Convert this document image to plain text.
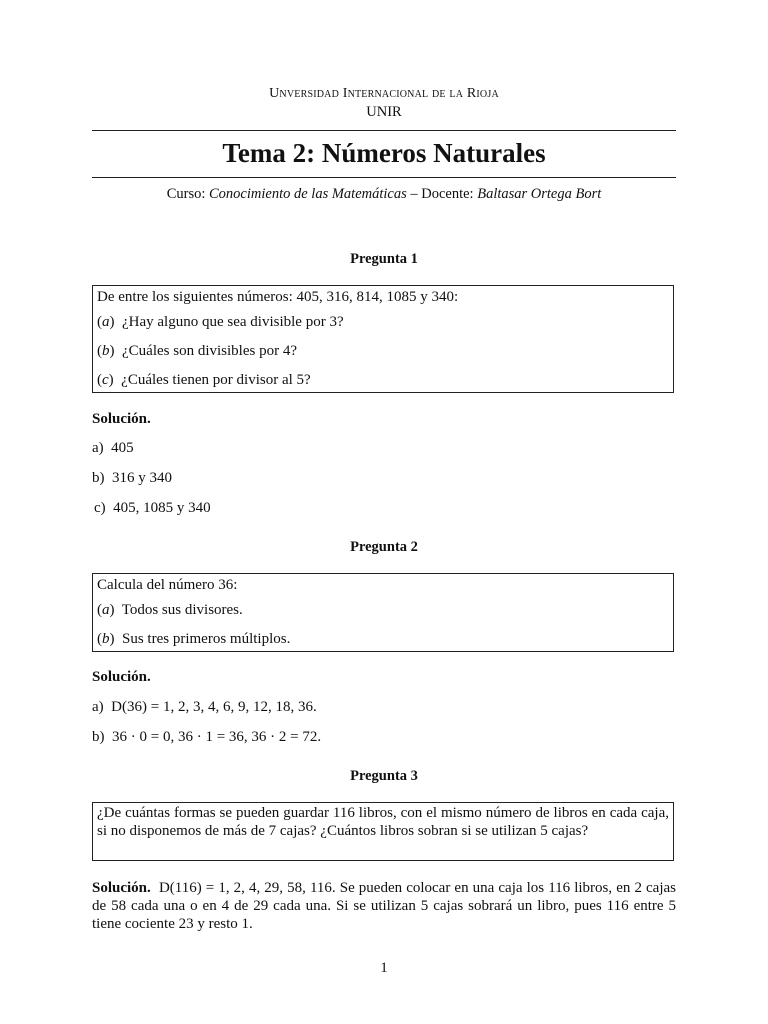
Unversidad Internacional de la Rioja
UNIR
Tema 2: Números Naturales
Curso: Conocimiento de las Matemáticas – Docente: Baltasar Ortega Bort
Pregunta 1
De entre los siguientes números: 405, 316, 814, 1085 y 340:
(a)  ¿Hay alguno que sea divisible por 3?
(b)  ¿Cuáles son divisibles por 4?
(c)  ¿Cuáles tienen por divisor al 5?
Solución.
a) 405
b) 316 y 340
c) 405, 1085 y 340
Pregunta 2
Calcula del número 36:
(a)  Todos sus divisores.
(b)  Sus tres primeros múltiplos.
Solución.
a) D(36) = 1, 2, 3, 4, 6, 9, 12, 18, 36.
b) 36 · 0 = 0, 36 · 1 = 36, 36 · 2 = 72.
Pregunta 3
¿De cuántas formas se pueden guardar 116 libros, con el mismo número de libros en cada caja, si no disponemos de más de 7 cajas? ¿Cuántos libros sobran si se utilizan 5 cajas?
Solución. D(116) = 1, 2, 4, 29, 58, 116. Se pueden colocar en una caja los 116 libros, en 2 cajas de 58 cada una o en 4 de 29 cada una. Si se utilizan 5 cajas sobrará un libro, pues 116 entre 5 tiene cociente 23 y resto 1.
1
